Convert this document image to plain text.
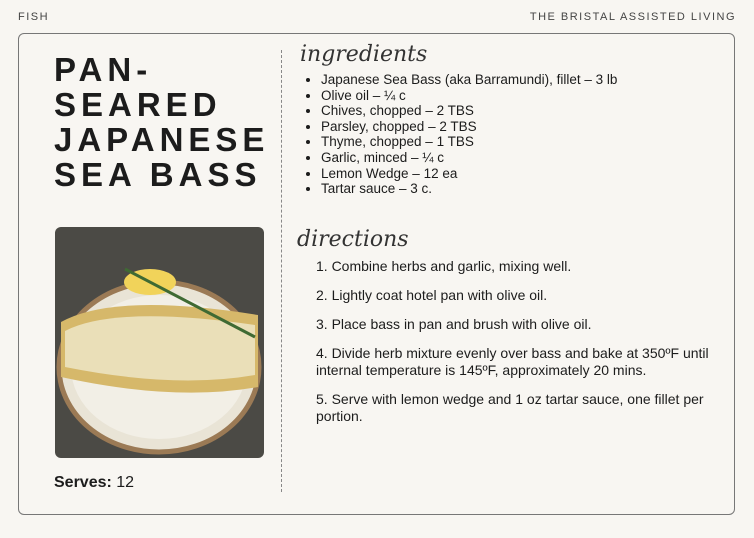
FISH	THE BRISTAL ASSISTED LIVING
PAN-
SEARED
JAPANESE
SEA BASS
Serves: 12
ingredients
• Japanese Sea Bass (aka Barramundi), fillet – 3 lb
• Olive oil – ¼ c
• Chives, chopped – 2 TBS
• Parsley, chopped – 2 TBS
• Thyme, chopped – 1 TBS
• Garlic, minced – ¼ c
• Lemon Wedge – 12 ea
• Tartar sauce – 3 c.
directions
1. Combine herbs and garlic, mixing well.
2. Lightly coat hotel pan with olive oil.
3. Place bass in pan and brush with olive oil.
4. Divide herb mixture evenly over bass and bake at 350ºF until internal temperature is 145ºF, approximately 20 mins.
5. Serve with lemon wedge and 1 oz tartar sauce, one fillet per portion.
